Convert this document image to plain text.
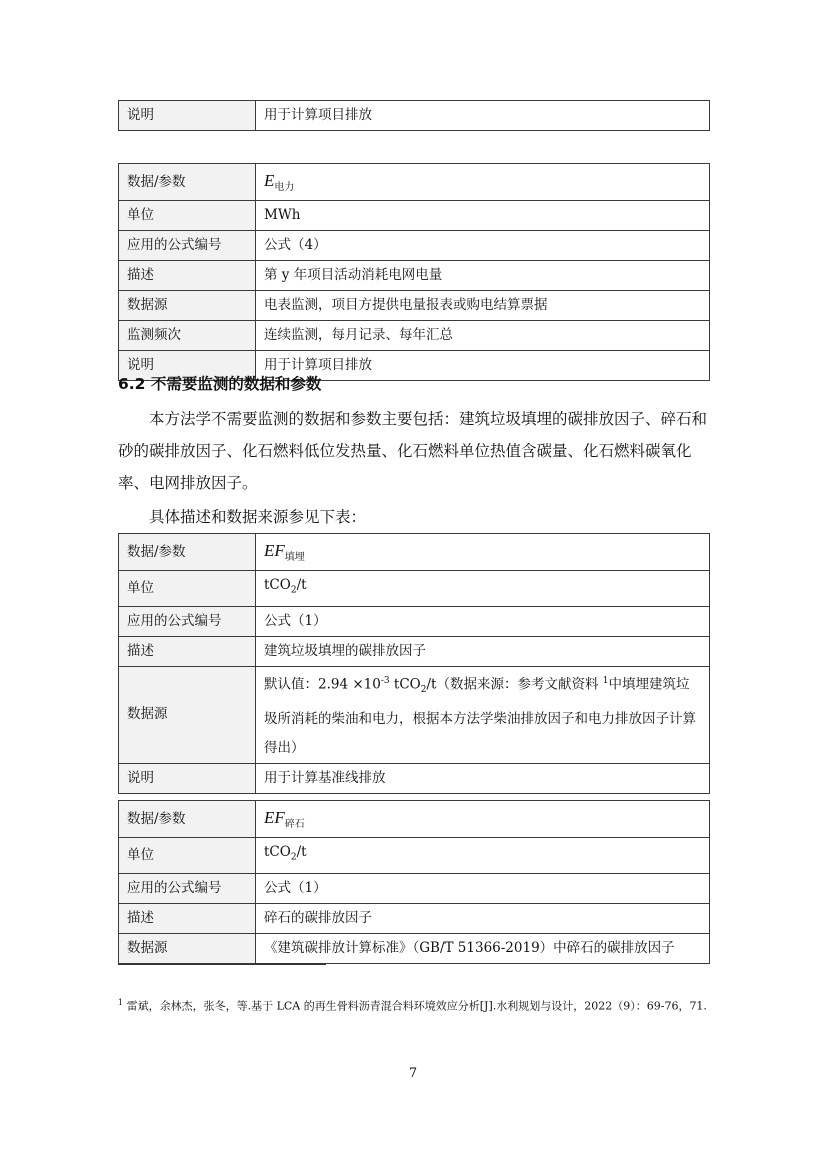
说明	用于计算项目排放
数据/参数	$E_{电力}$
单位	MWh
应用的公式编号	公式（4）
描述	第 y 年项目活动消耗电网电量
数据源	电表监测，项目方提供电量报表或购电结算票据
监测频次	连续监测，每月记录、每年汇总
说明	用于计算项目排放
6.2 不需要监测的数据和参数

本方法学不需要监测的数据和参数主要包括：建筑垃圾填埋的碳排放因子、碎石和砂的碳排放因子、化石燃料低位发热量、化石燃料单位热值含碳量、化石燃料碳氧化率、电网排放因子。

具体描述和数据来源参见下表：

数据/参数	$EF_{填埋}$
单位	tCO$_2$/t
应用的公式编号	公式（1）
描述	建筑垃圾填埋的碳排放因子
数据源	默认值：$2.94 \times 10^{-3}$ tCO$_2$/t（数据来源：参考文献资料 $^1$中填埋建筑垃圾所消耗的柴油和电力，根据本方法学柴油排放因子和电力排放因子计算得出）
说明	用于计算基准线排放
数据/参数	$EF_{碎石}$
单位	tCO$_2$/t
应用的公式编号	公式（1）
描述	碎石的碳排放因子
数据源	《建筑碳排放计算标准》（GB/T 51366-2019）中碎石的碳排放因子
$^1$ 雷斌，余林杰，张冬，等.基于 LCA 的再生骨料沥青混合料环境效应分析[J].水利规划与设计，2022（9）：69-76，71.
7
